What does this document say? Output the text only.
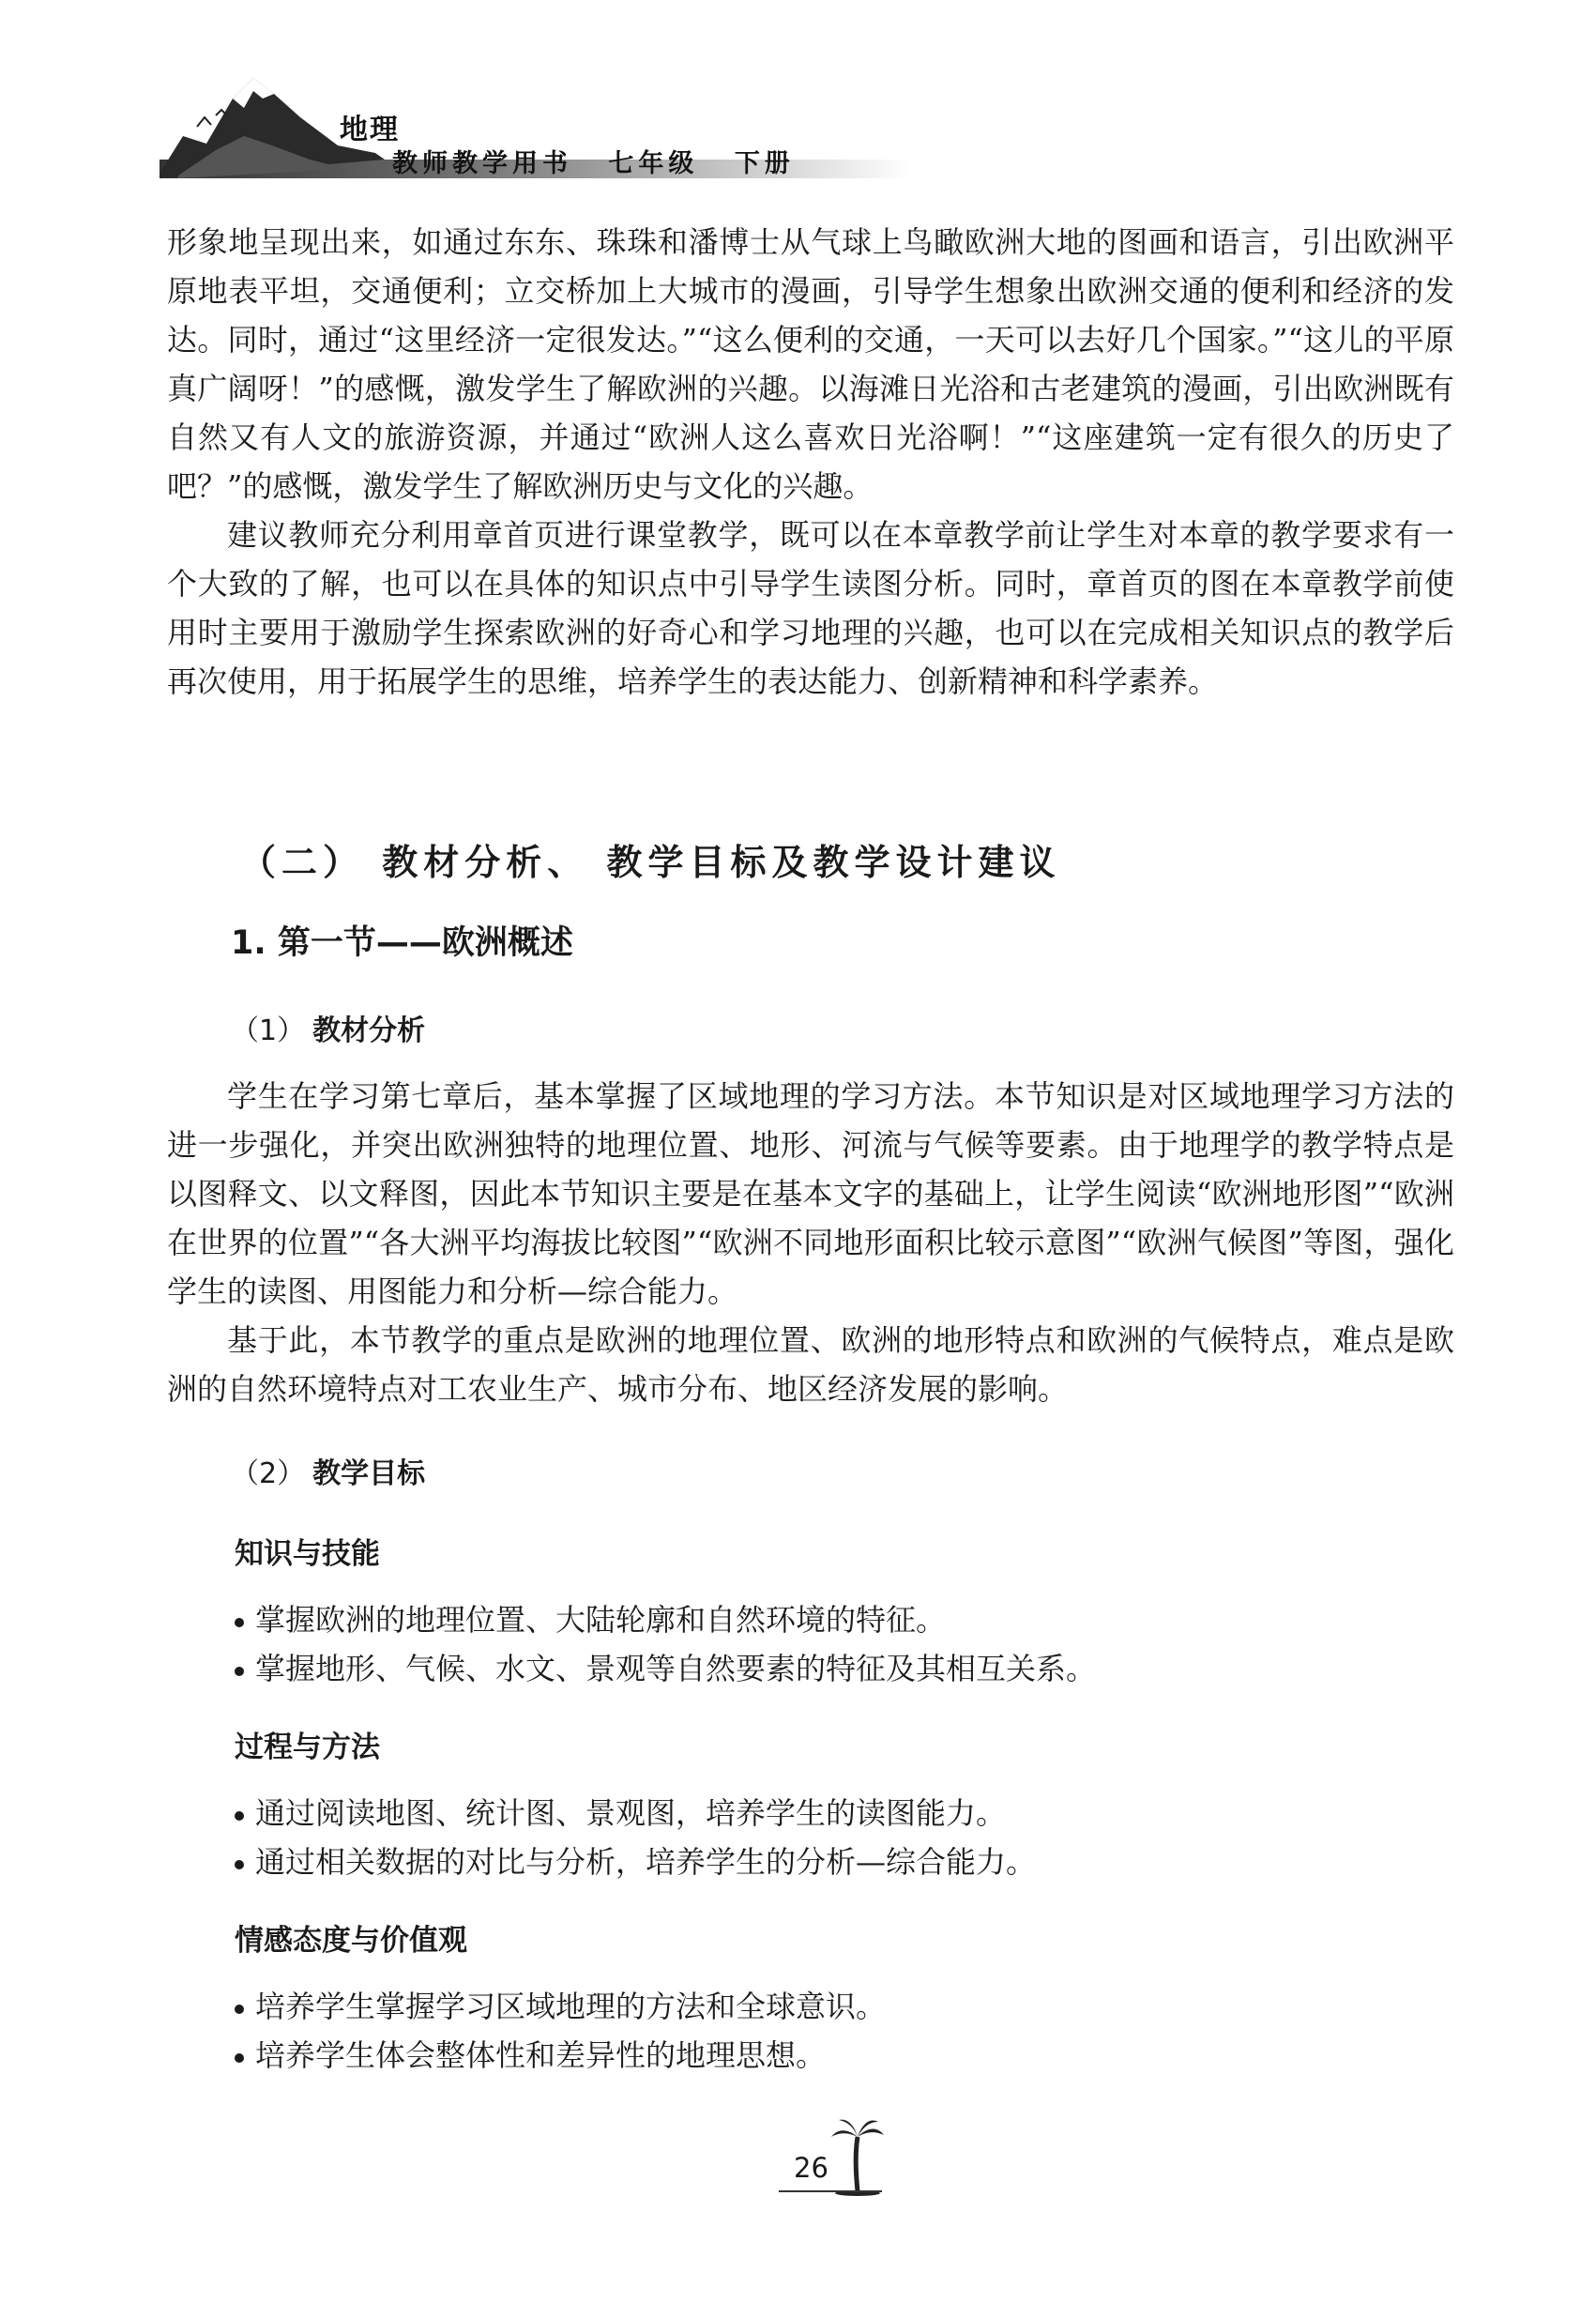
地理
教师教学用书 七年级 下册

形象地呈现出来，如通过东东、珠珠和潘博士从气球上鸟瞰欧洲大地的图画和语言，引出欧洲平原地表平坦，交通便利；立交桥加上大城市的漫画，引导学生想象出欧洲交通的便利和经济的发达。同时，通过“这里经济一定很发达。”“这么便利的交通，一天可以去好几个国家。”“这儿的平原真广阔呀！”的感慨，激发学生了解欧洲的兴趣。以海滩日光浴和古老建筑的漫画，引出欧洲既有自然又有人文的旅游资源，并通过“欧洲人这么喜欢日光浴啊！”“这座建筑一定有很久的历史了吧？”的感慨，激发学生了解欧洲历史与文化的兴趣。

建议教师充分利用章首页进行课堂教学，既可以在本章教学前让学生对本章的教学要求有一个大致的了解，也可以在具体的知识点中引导学生读图分析。同时，章首页的图在本章教学前使用时主要用于激励学生探索欧洲的好奇心和学习地理的兴趣，也可以在完成相关知识点的教学后再次使用，用于拓展学生的思维，培养学生的表达能力、创新精神和科学素养。

（二） 教材分析、 教学目标及教学设计建议
1. 第一节——欧洲概述
（1） 教材分析

学生在学习第七章后，基本掌握了区域地理的学习方法。本节知识是对区域地理学习方法的进一步强化，并突出欧洲独特的地理位置、地形、河流与气候等要素。由于地理学的教学特点是以图释文、以文释图，因此本节知识主要是在基本文字的基础上，让学生阅读“欧洲地形图”“欧洲在世界的位置”“各大洲平均海拔比较图”“欧洲不同地形面积比较示意图”“欧洲气候图”等图，强化学生的读图、用图能力和分析—综合能力。

基于此，本节教学的重点是欧洲的地理位置、欧洲的地形特点和欧洲的气候特点，难点是欧洲的自然环境特点对工农业生产、城市分布、地区经济发展的影响。

（2） 教学目标
知识与技能
掌握欧洲的地理位置、大陆轮廓和自然环境的特征。
掌握地形、气候、水文、景观等自然要素的特征及其相互关系。
过程与方法
通过阅读地图、统计图、景观图，培养学生的读图能力。
通过相关数据的对比与分析，培养学生的分析—综合能力。
情感态度与价值观
培养学生掌握学习区域地理的方法和全球意识。
培养学生体会整体性和差异性的地理思想。
26
